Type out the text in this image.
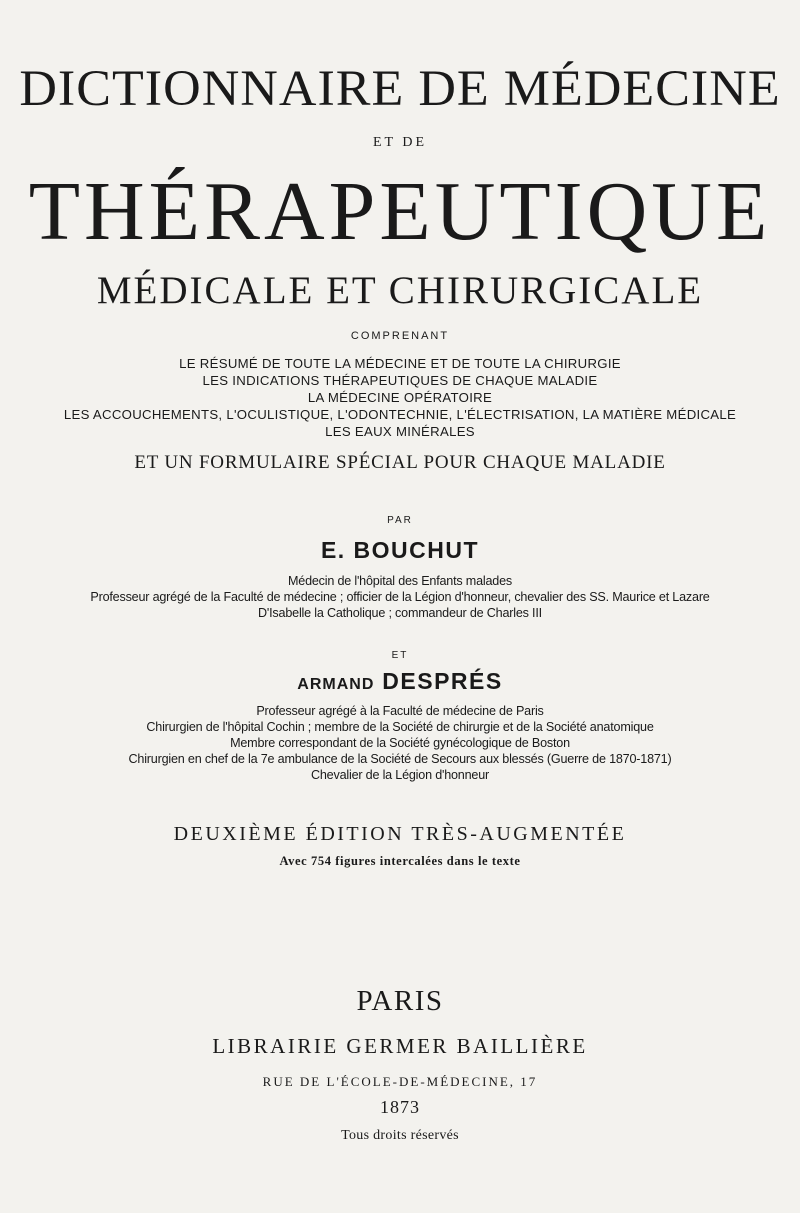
DICTIONNAIRE DE MÉDECINE
ET DE
THÉRAPEUTIQUE
MÉDICALE ET CHIRURGICALE
COMPRENANT
LE RÉSUMÉ DE TOUTE LA MÉDECINE ET DE TOUTE LA CHIRURGIE
LES INDICATIONS THÉRAPEUTIQUES DE CHAQUE MALADIE
LA MÉDECINE OPÉRATOIRE
LES ACCOUCHEMENTS, L'OCULISTIQUE, L'ODONTECHNIE, L'ÉLECTRISATION, LA MATIÈRE MÉDICALE
LES EAUX MINÉRALES
ET UN FORMULAIRE SPÉCIAL POUR CHAQUE MALADIE
PAR
E. BOUCHUT
Médecin de l'hôpital des Enfants malades
Professeur agrégé de la Faculté de médecine ; officier de la Légion d'honneur, chevalier des SS. Maurice et Lazare
D'Isabelle la Catholique ; commandeur de Charles III
ET
ARMAND DESPRÉS
Professeur agrégé à la Faculté de médecine de Paris
Chirurgien de l'hôpital Cochin ; membre de la Société de chirurgie et de la Société anatomique
Membre correspondant de la Société gynécologique de Boston
Chirurgien en chef de la 7e ambulance de la Société de Secours aux blessés (Guerre de 1870-1871)
Chevalier de la Légion d'honneur
DEUXIÈME ÉDITION TRÈS-AUGMENTÉE
Avec 754 figures intercalées dans le texte
PARIS
LIBRAIRIE GERMER BAILLIÈRE
RUE DE L'ÉCOLE-DE-MÉDECINE, 17
1873
Tous droits réservés
